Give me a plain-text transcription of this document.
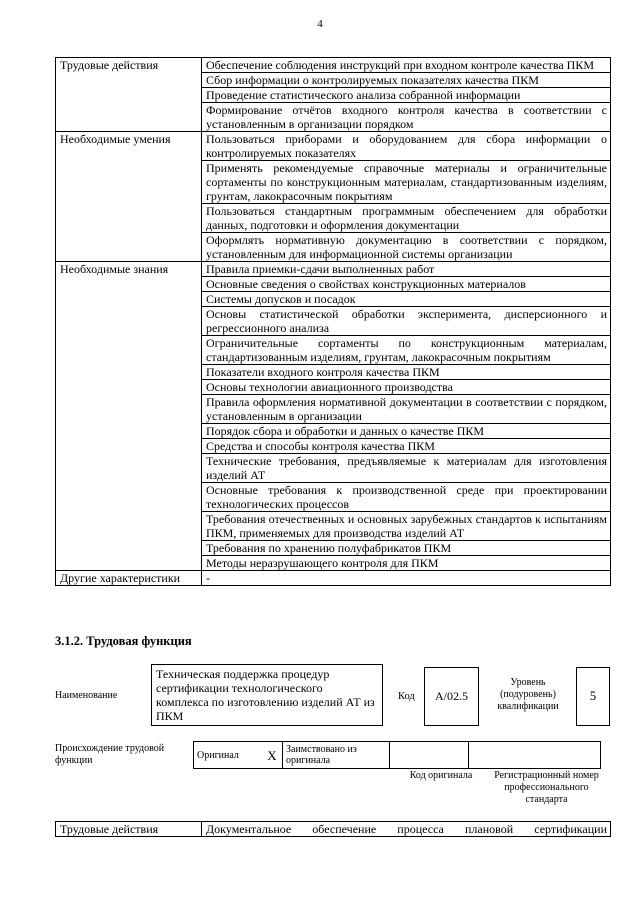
4
Трудовые действия	Обеспечение соблюдения инструкций при входном контроле качества ПКМ
	Сбор информации о контролируемых показателях качества ПКМ
	Проведение статистического анализа собранной информации
	Формирование отчётов входного контроля качества в соответствии с установленным в организации порядком
Необходимые умения	Пользоваться приборами и оборудованием для сбора информации о контролируемых показателях
	Применять рекомендуемые справочные материалы и ограничительные сортаменты по конструкционным материалам, стандартизованным изделиям, грунтам, лакокрасочным покрытиям
	Пользоваться стандартным программным обеспечением для обработки данных, подготовки и оформления документации
	Оформлять нормативную документацию в соответствии с порядком, установленным для информационной системы организации
Необходимые знания	Правила приемки-сдачи выполненных работ
	Основные сведения о свойствах конструкционных материалов
	Системы допусков и посадок
	Основы статистической обработки эксперимента, дисперсионного и регрессионного анализа
	Ограничительные сортаменты по конструкционным материалам, стандартизованным изделиям, грунтам, лакокрасочным покрытиям
	Показатели входного контроля качества ПКМ
	Основы технологии авиационного производства
	Правила оформления нормативной документации в соответствии с порядком, установленным в организации
	Порядок сбора и обработки и данных о качестве ПКМ
	Средства и способы контроля качества ПКМ
	Технические требования, предъявляемые к материалам для изготовления изделий АТ
	Основные требования к производственной среде при проектировании технологических процессов
	Требования отечественных и основных зарубежных стандартов к испытаниям ПКМ, применяемых для производства изделий АТ
	Требования по хранению полуфабрикатов ПКМ
	Методы неразрушающего контроля для ПКМ
Другие характеристики	-
3.1.2. Трудовая функция
Наименование
Техническая поддержка процедур сертификации технологического комплекса по изготовлению изделий АТ из ПКМ
Код	А/02.5
Уровень (подуровень) квалификации
5
Происхождение трудовой функции	Оригинал	X	Заимствовано из оригинала		
Код оригинала	Регистрационный номер профессионального стандарта
Трудовые действия	Документальное обеспечение процесса плановой сертификации
